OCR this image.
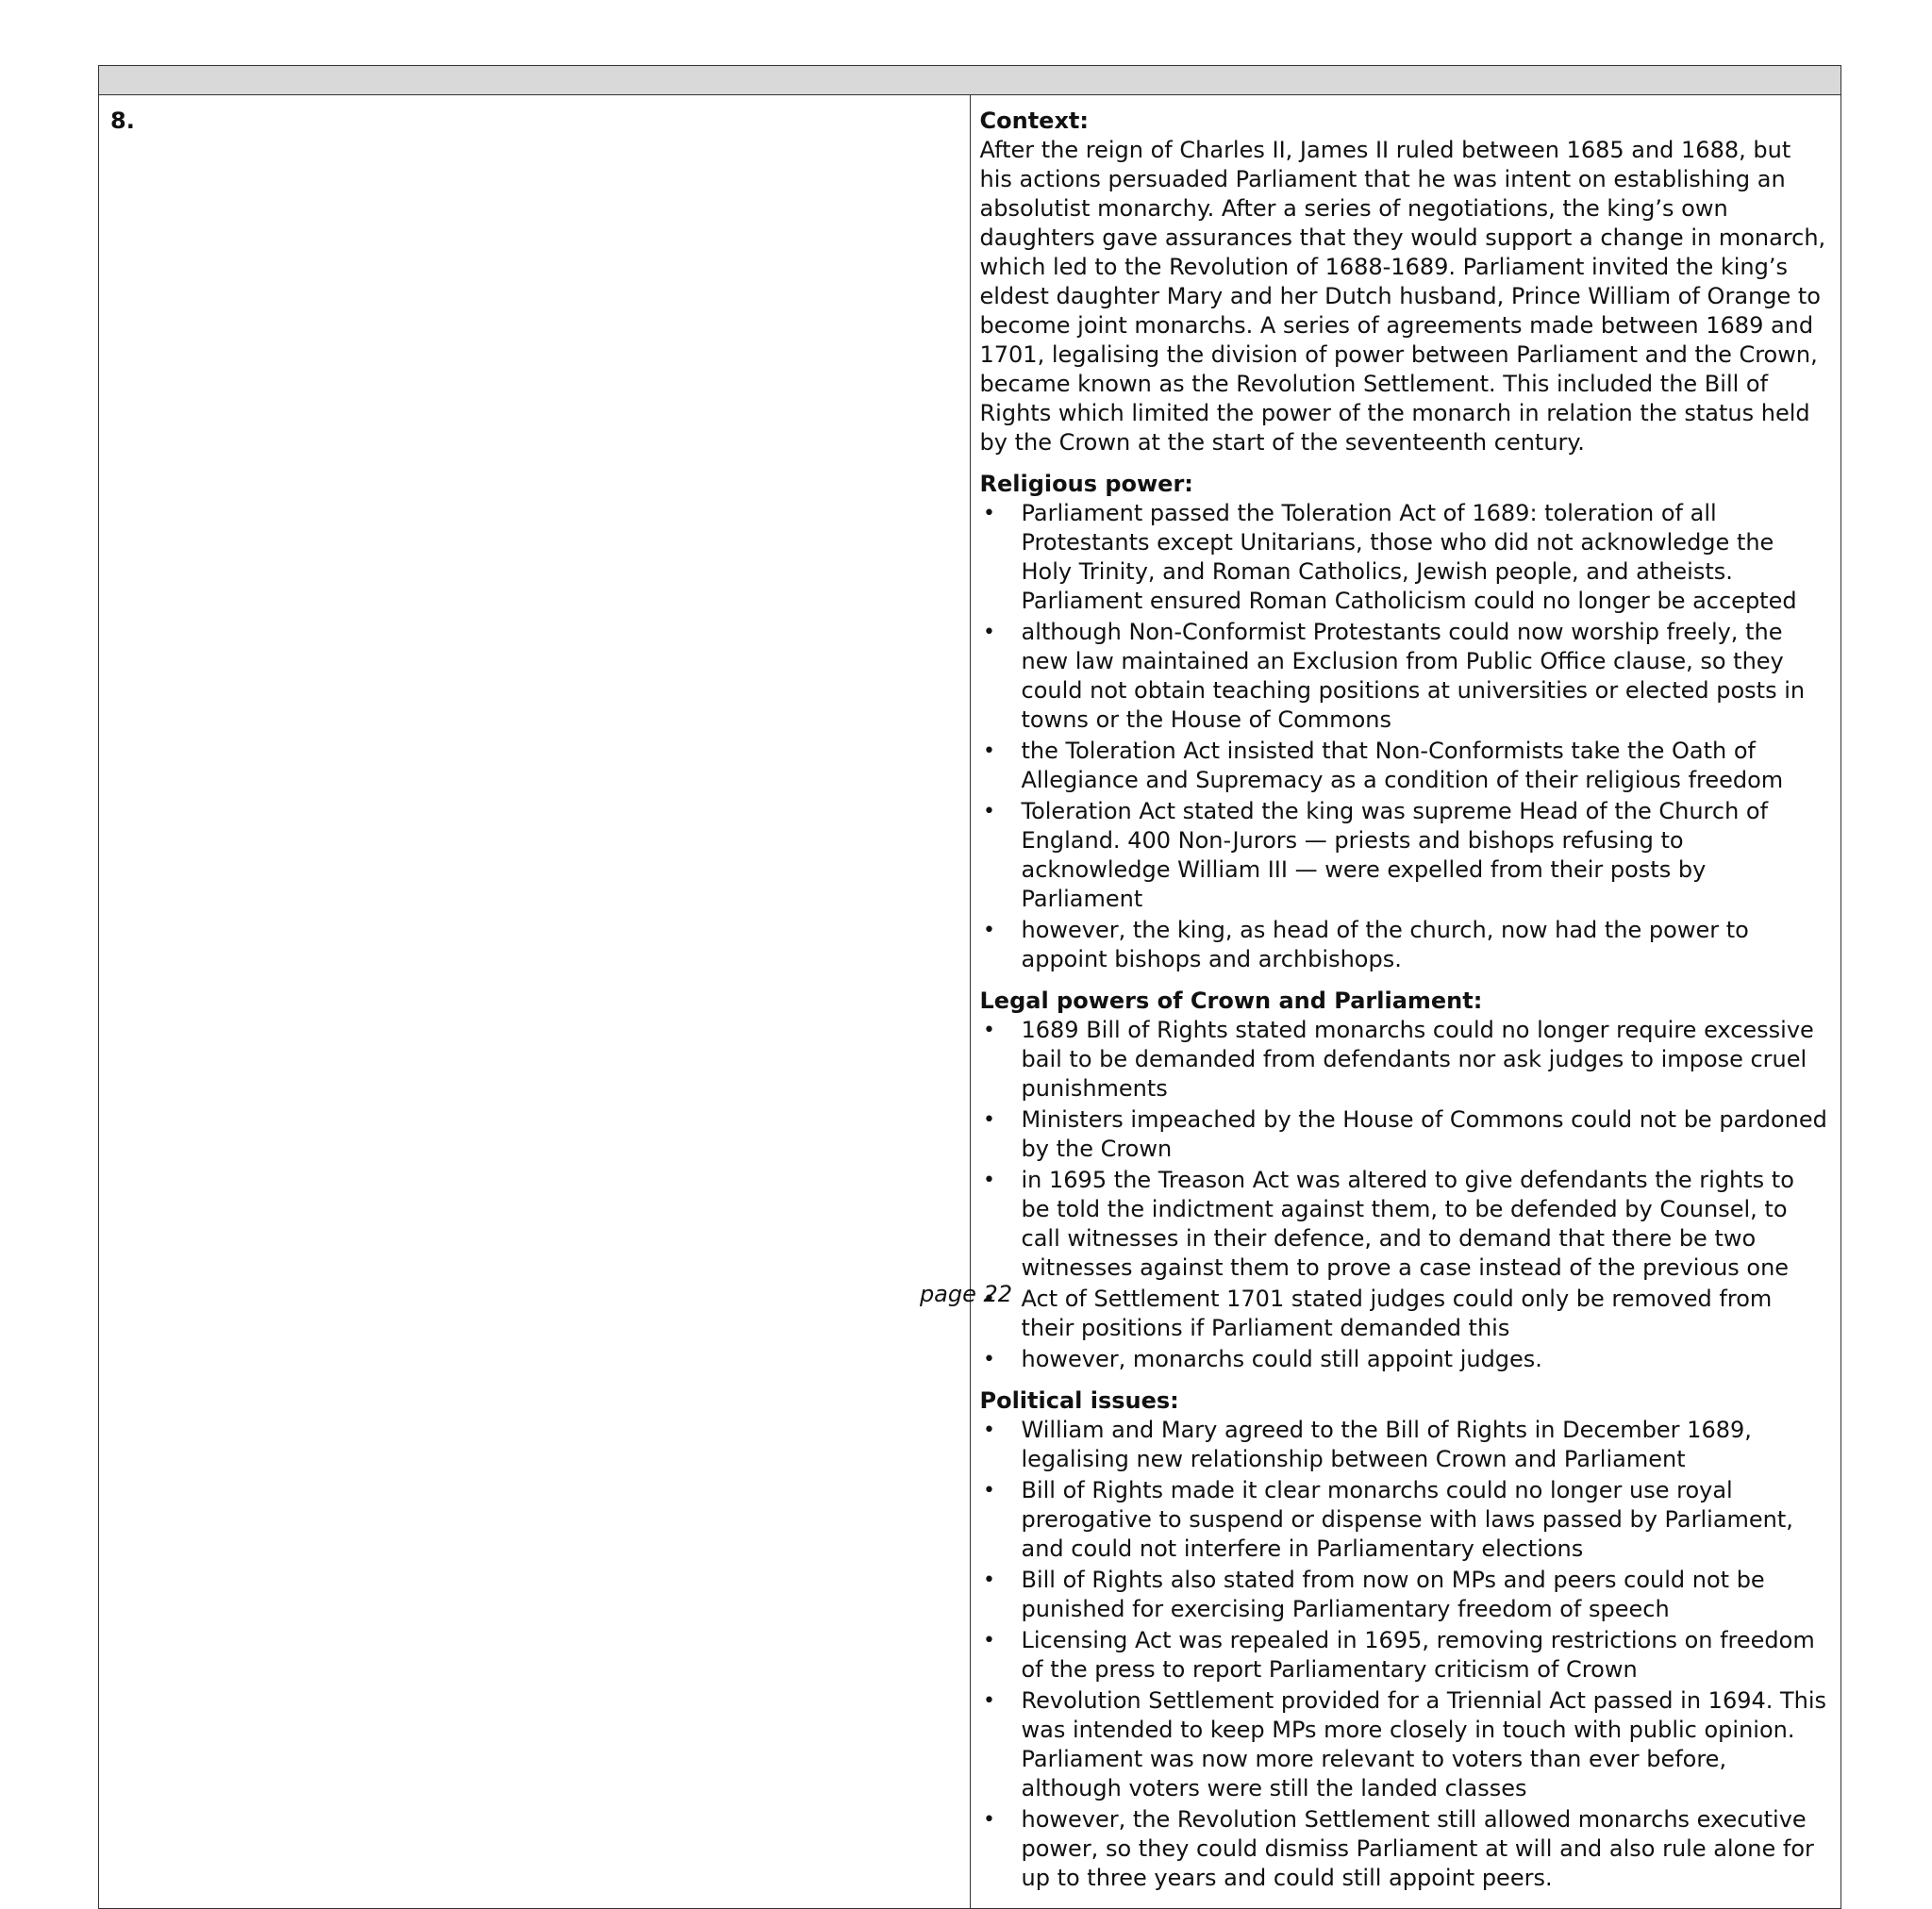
8.	Context:

After the reign of Charles II, James II ruled between 1685 and 1688, but his actions persuaded Parliament that he was intent on establishing an absolutist monarchy. After a series of negotiations, the king’s own daughters gave assurances that they would support a change in monarch, which led to the Revolution of 1688-1689. Parliament invited the king’s eldest daughter Mary and her Dutch husband, Prince William of Orange to become joint monarchs. A series of agreements made between 1689 and 1701, legalising the division of power between Parliament and the Crown, became known as the Revolution Settlement. This included the Bill of Rights which limited the power of the monarch in relation the status held by the Crown at the start of the seventeenth century.

Religious power:

• Parliament passed the Toleration Act of 1689: toleration of all Protestants except Unitarians, those who did not acknowledge the Holy Trinity, and Roman Catholics, Jewish people, and atheists. Parliament ensured Roman Catholicism could no longer be accepted
• although Non-Conformist Protestants could now worship freely, the new law maintained an Exclusion from Public Office clause, so they could not obtain teaching positions at universities or elected posts in towns or the House of Commons
• the Toleration Act insisted that Non-Conformists take the Oath of Allegiance and Supremacy as a condition of their religious freedom
• Toleration Act stated the king was supreme Head of the Church of England. 400 Non-Jurors — priests and bishops refusing to acknowledge William III — were expelled from their posts by Parliament
• however, the king, as head of the church, now had the power to appoint bishops and archbishops.

Legal powers of Crown and Parliament:

• 1689 Bill of Rights stated monarchs could no longer require excessive bail to be demanded from defendants nor ask judges to impose cruel punishments
• Ministers impeached by the House of Commons could not be pardoned by the Crown
• in 1695 the Treason Act was altered to give defendants the rights to be told the indictment against them, to be defended by Counsel, to call witnesses in their defence, and to demand that there be two witnesses against them to prove a case instead of the previous one
• Act of Settlement 1701 stated judges could only be removed from their positions if Parliament demanded this
• however, monarchs could still appoint judges.

Political issues:

• William and Mary agreed to the Bill of Rights in December 1689, legalising new relationship between Crown and Parliament
• Bill of Rights made it clear monarchs could no longer use royal prerogative to suspend or dispense with laws passed by Parliament, and could not interfere in Parliamentary elections
• Bill of Rights also stated from now on MPs and peers could not be punished for exercising Parliamentary freedom of speech
• Licensing Act was repealed in 1695, removing restrictions on freedom of the press to report Parliamentary criticism of Crown
• Revolution Settlement provided for a Triennial Act passed in 1694. This was intended to keep MPs more closely in touch with public opinion. Parliament was now more relevant to voters than ever before, although voters were still the landed classes
• however, the Revolution Settlement still allowed monarchs executive power, so they could dismiss Parliament at will and also rule alone for up to three years and could still appoint peers.
page 22
